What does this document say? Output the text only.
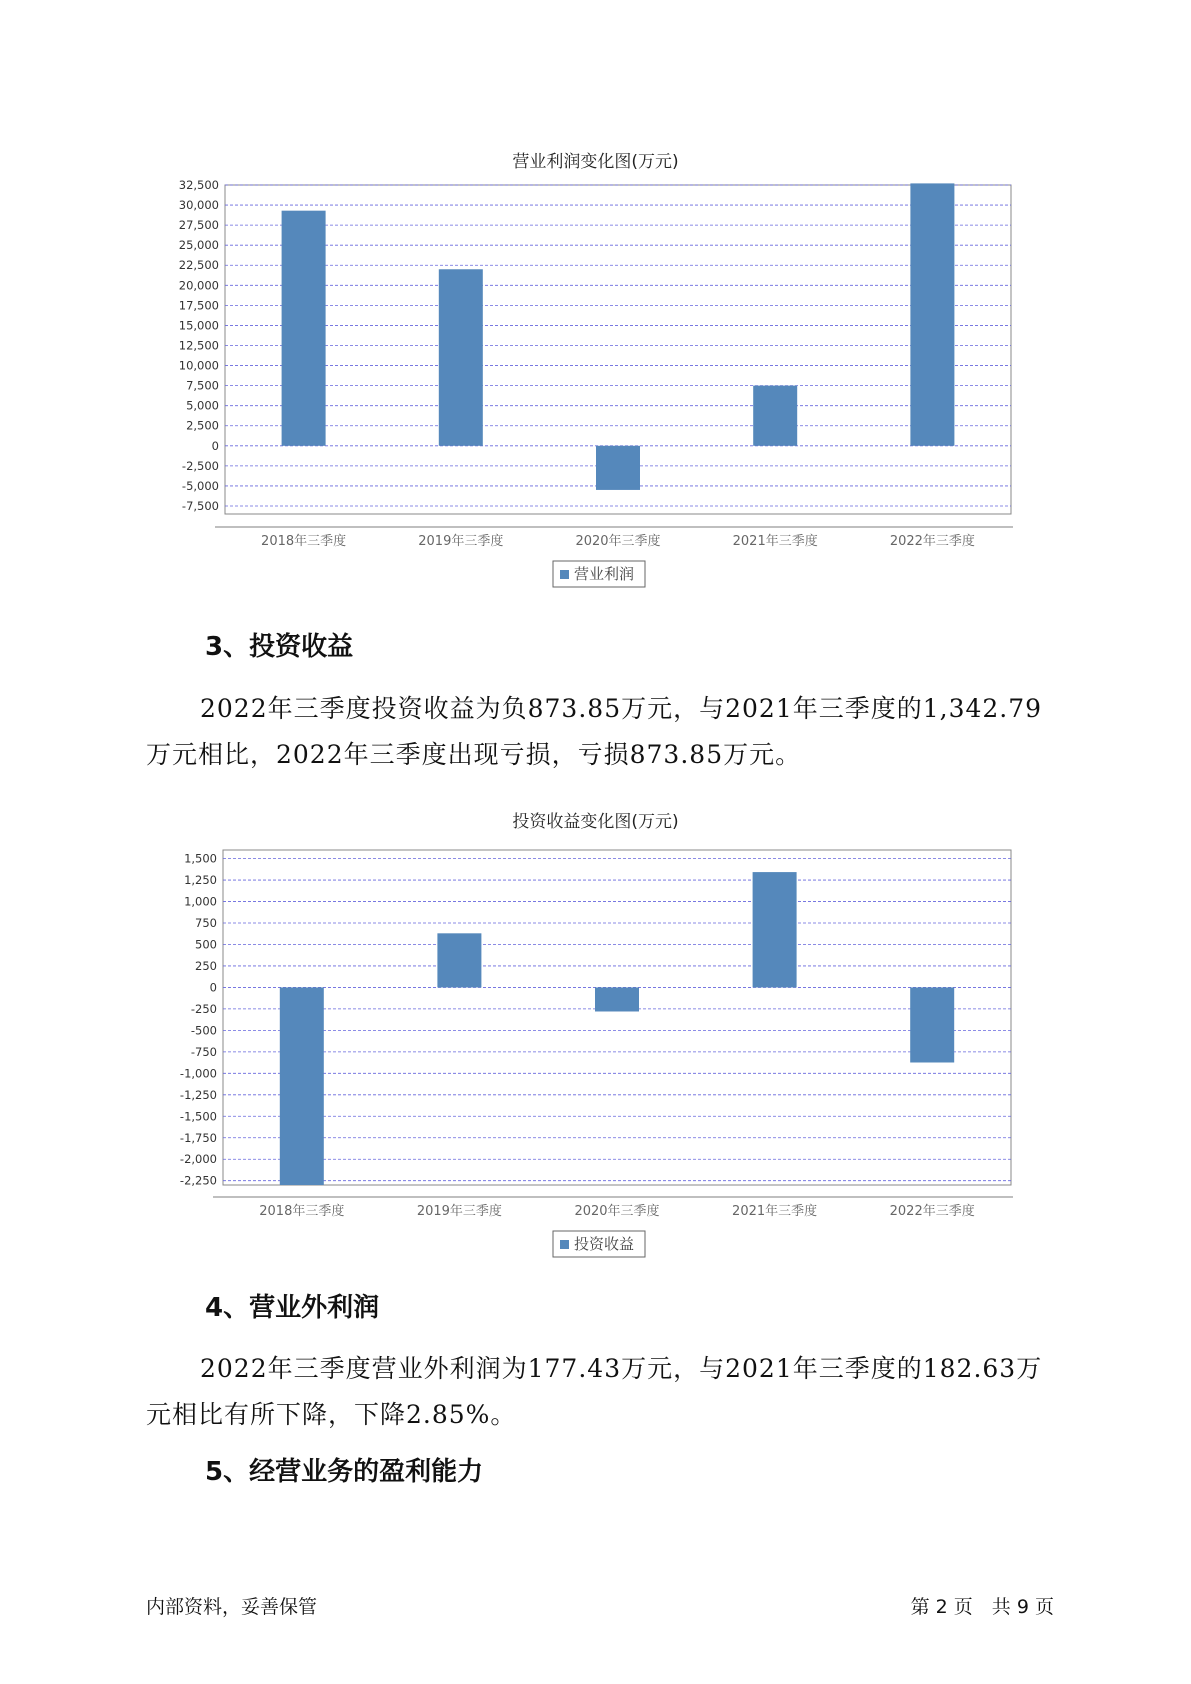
营业利润变化图(万元)
32,500
30,000
27,500
25,000
22,500
20,000
17,500
15,000
12,500
10,000
7,500
5,000
2,500
0
-2,500
-5,000
-7,500
2018年三季度	2019年三季度	2020年三季度	2021年三季度	2022年三季度
营业利润
3、投资收益

2022年三季度投资收益为负873.85万元，与2021年三季度的1,342.79万元相比，2022年三季度出现亏损，亏损873.85万元。

投资收益变化图(万元)
1,500
1,250
1,000
750
500
250
0
-250
-500
-750
-1,000
-1,250
-1,500
-1,750
-2,000
-2,250
2018年三季度	2019年三季度	2020年三季度	2021年三季度	2022年三季度
投资收益
4、营业外利润

2022年三季度营业外利润为177.43万元，与2021年三季度的182.63万元相比有所下降，下降2.85%。

5、经营业务的盈利能力
内部资料，妥善保管	第 2 页　共 9 页
